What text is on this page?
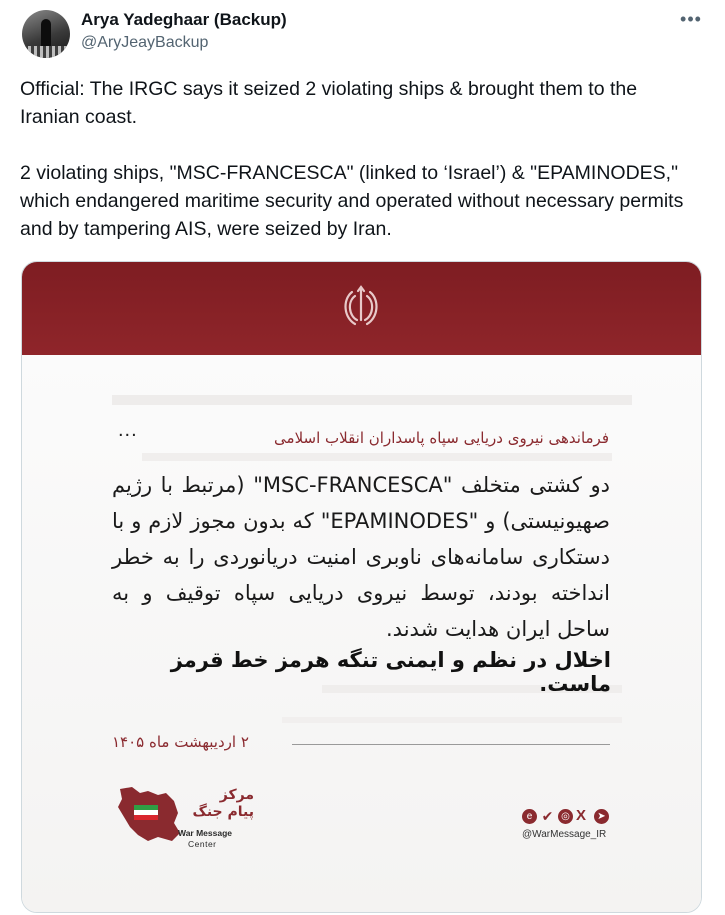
Arya Yadeghaar (Backup)
@AryJeayBackup
•••

Official: The IRGC says it seized 2 violating ships & brought them to the Iranian coast.

2 violating ships, "MSC-FRANCESCA" (linked to ‘Israel’) & "EPAMINODES," which endangered maritime security and operated without necessary permits and by tampering AIS, were seized by Iran.

...	فرماندهی نیروی دریایی سپاه پاسداران انقلاب اسلامی
دو کشتی متخلف "MSC-FRANCESCA" (مرتبط با رژیم صهیونیستی) و "EPAMINODES" که بدون مجوز لازم و با دستکاری سامانه‌های ناوبری امنیت دریانوردی را به خطر انداخته بودند، توسط نیروی دریایی سپاه توقیف و به ساحل ایران هدایت شدند.
اخلال در نظم و ایمنی تنگه هرمز خط قرمز ماست.
۲ اردیبهشت ماه ۱۴۰۵
مرکز
پیام جنگ
War Message
Center
e ✔ ◎ X	➤
@WarMessage_IR
